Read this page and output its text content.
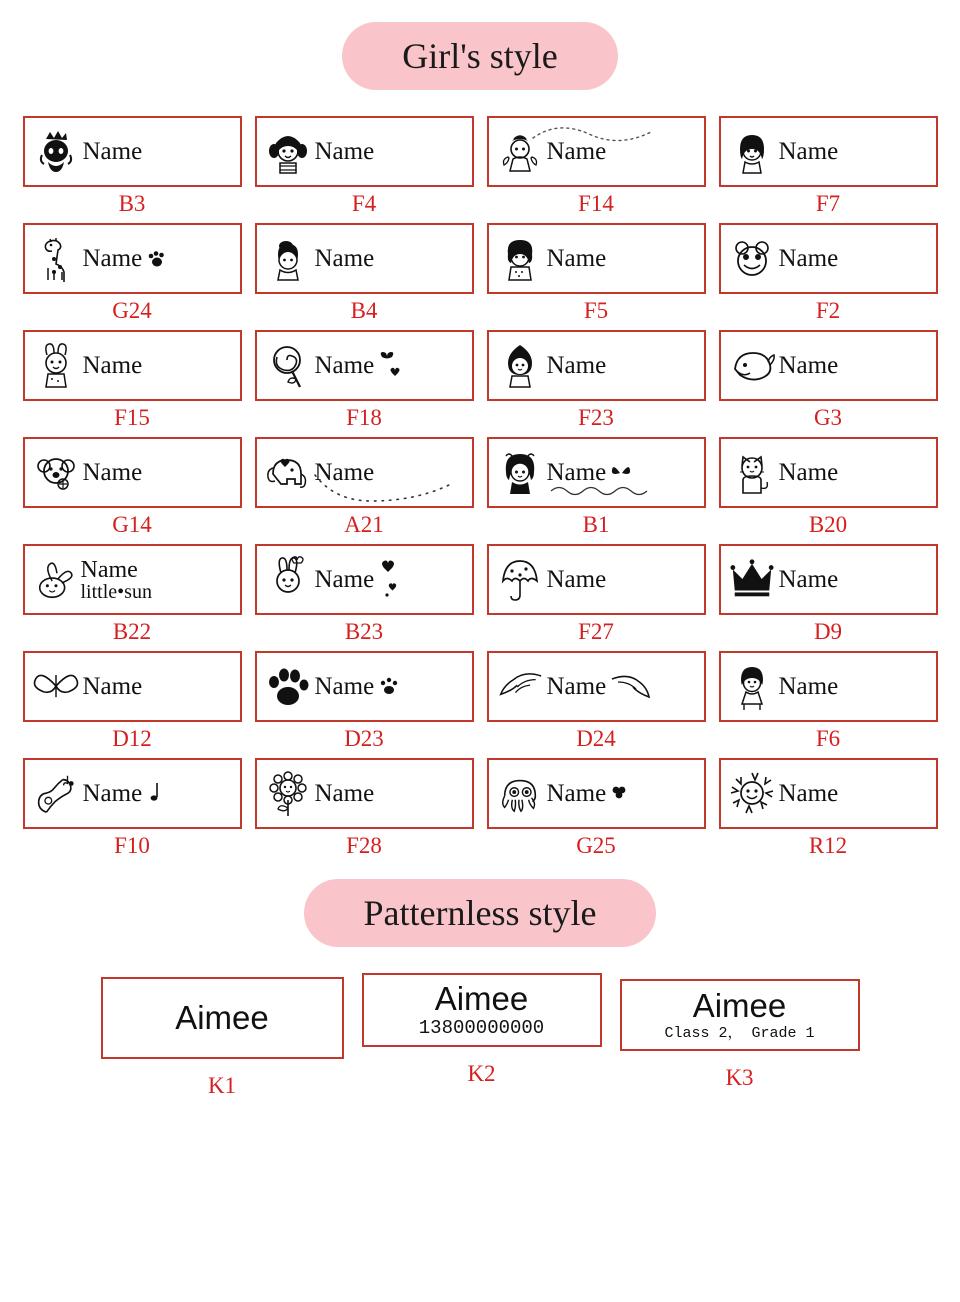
Girl's style
Name
B3
Name
F4
Name
F14
Name
F7
Name
G24
Name
B4
Name
F5
Name
F2
Name
F15
Name
F18
Name
F23
Name
G3
Name
G14
Name
A21
Name
B1
Name
B20
Name
little•sun
B22
Name
B23
Name
F27
Name
D9
Name
D12
Name
D23
Name
D24
Name
F6
Name
F10
Name
F28
Name
G25
Name
R12
Patternless style
Aimee
K1
Aimee
13800000000
K2
Aimee
Class 2， Grade 1
K3
